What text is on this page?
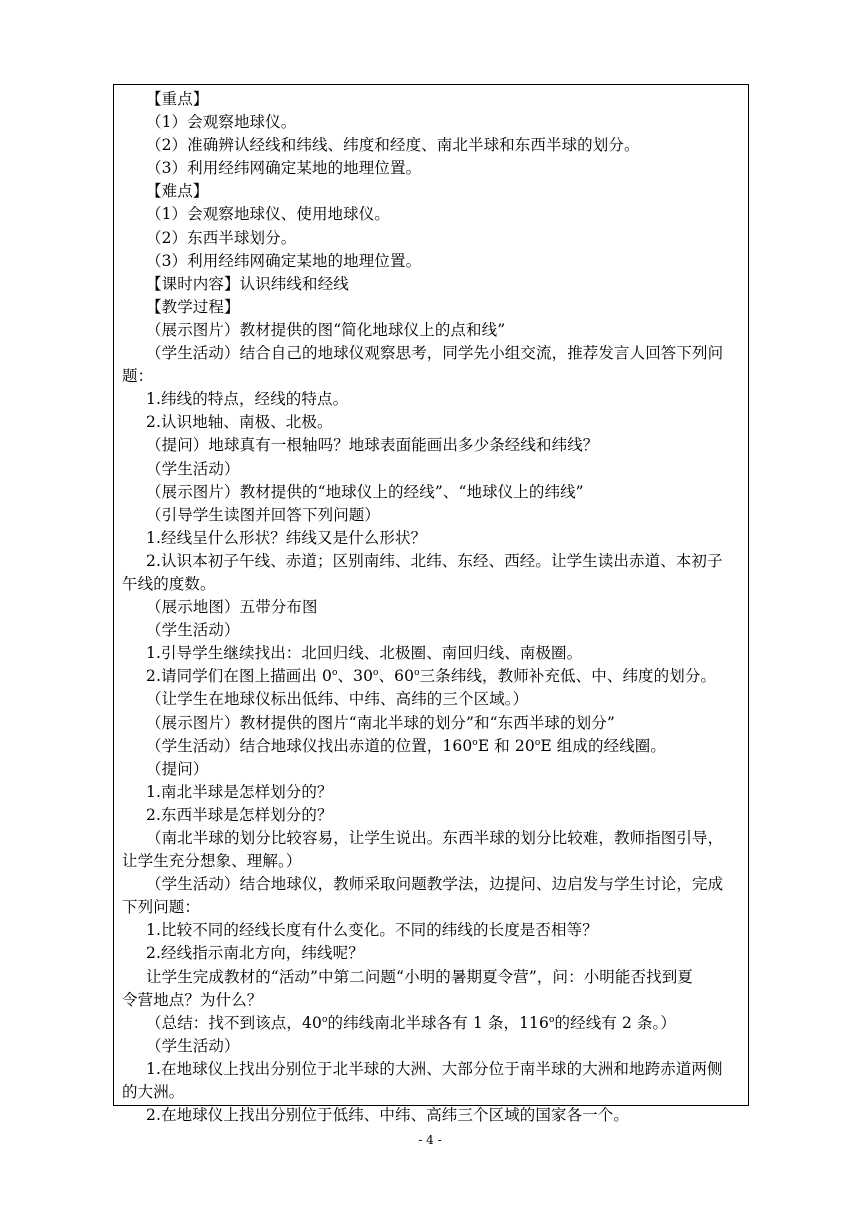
【重点】
（1）会观察地球仪。
（2）准确辨认经线和纬线、纬度和经度、南北半球和东西半球的划分。
（3）利用经纬网确定某地的地理位置。
【难点】
（1）会观察地球仪、使用地球仪。
（2）东西半球划分。
（3）利用经纬网确定某地的地理位置。
【课时内容】认识纬线和经线
【教学过程】
（展示图片）教材提供的图“简化地球仪上的点和线”
（学生活动）结合自己的地球仪观察思考，同学先小组交流，推荐发言人回答下列问
题：
1.纬线的特点，经线的特点。
2.认识地轴、南极、北极。
（提问）地球真有一根轴吗？地球表面能画出多少条经线和纬线？
（学生活动）
（展示图片）教材提供的“地球仪上的经线”、“地球仪上的纬线”
（引导学生读图并回答下列问题）
1.经线呈什么形状？纬线又是什么形状？
2.认识本初子午线、赤道；区别南纬、北纬、东经、西经。让学生读出赤道、本初子
午线的度数。
（展示地图）五带分布图
（学生活动）
1.引导学生继续找出：北回归线、北极圈、南回归线、南极圈。
2.请同学们在图上描画出 0$^o$、30$^o$、60$^o$三条纬线，教师补充低、中、纬度的划分。
（让学生在地球仪标出低纬、中纬、高纬的三个区域。）
（展示图片）教材提供的图片“南北半球的划分”和“东西半球的划分”
（学生活动）结合地球仪找出赤道的位置，160$^o$E 和 20$^o$E 组成的经线圈。
（提问）
1.南北半球是怎样划分的？
2.东西半球是怎样划分的？
（南北半球的划分比较容易，让学生说出。东西半球的划分比较难，教师指图引导，
让学生充分想象、理解。）
（学生活动）结合地球仪，教师采取问题教学法，边提问、边启发与学生讨论，完成
下列问题：
1.比较不同的经线长度有什么变化。不同的纬线的长度是否相等？
2.经线指示南北方向，纬线呢？
让学生完成教材的“活动”中第二问题“小明的暑期夏令营”，问：小明能否找到夏
令营地点？为什么？
（总结：找不到该点，40$^o$的纬线南北半球各有 1 条，116$^o$的经线有 2 条。）
（学生活动）
1.在地球仪上找出分别位于北半球的大洲、大部分位于南半球的大洲和地跨赤道两侧
的大洲。
2.在地球仪上找出分别位于低纬、中纬、高纬三个区域的国家各一个。
- 4 -
